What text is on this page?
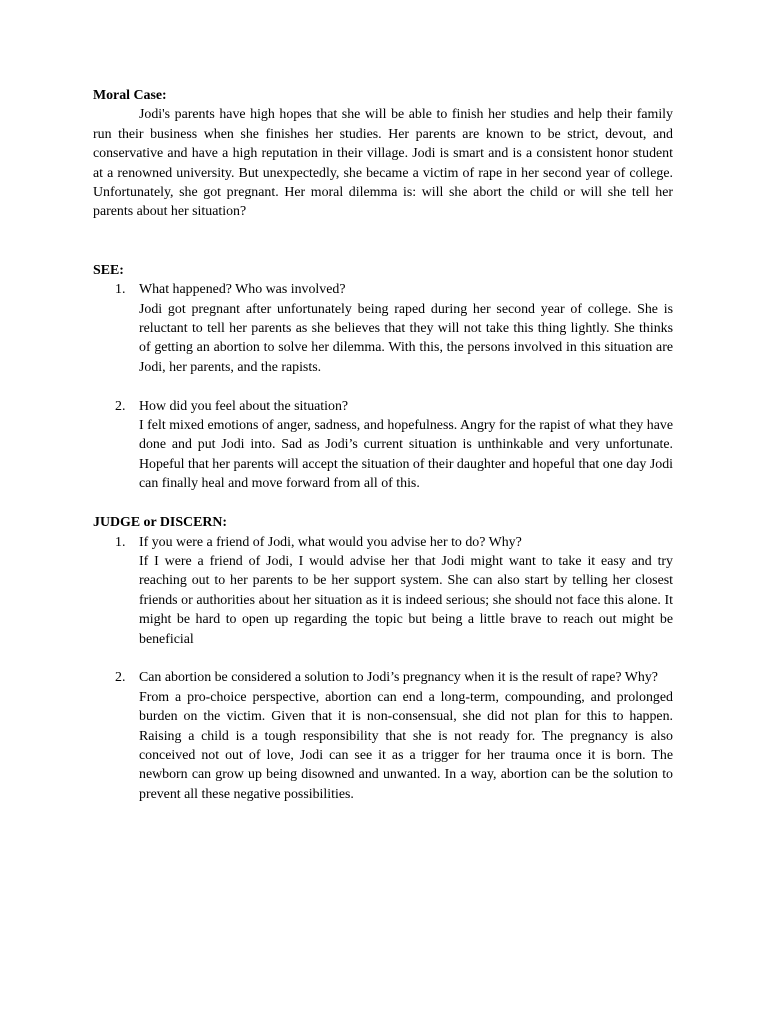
Moral Case:

Jodi's parents have high hopes that she will be able to finish her studies and help their family run their business when she finishes her studies. Her parents are known to be strict, devout, and conservative and have a high reputation in their village. Jodi is smart and is a consistent honor student at a renowned university. But unexpectedly, she became a victim of rape in her second year of college. Unfortunately, she got pregnant. Her moral dilemma is: will she abort the child or will she tell her parents about her situation?

SEE:

1. What happened? Who was involved?

Jodi got pregnant after unfortunately being raped during her second year of college. She is reluctant to tell her parents as she believes that they will not take this thing lightly. She thinks of getting an abortion to solve her dilemma. With this, the persons involved in this situation are Jodi, her parents, and the rapists.

2. How did you feel about the situation?

I felt mixed emotions of anger, sadness, and hopefulness. Angry for the rapist of what they have done and put Jodi into. Sad as Jodi’s current situation is unthinkable and very unfortunate. Hopeful that her parents will accept the situation of their daughter and hopeful that one day Jodi can finally heal and move forward from all of this.

JUDGE or DISCERN:

1. If you were a friend of Jodi, what would you advise her to do? Why?

If I were a friend of Jodi, I would advise her that Jodi might want to take it easy and try reaching out to her parents to be her support system. She can also start by telling her closest friends or authorities about her situation as it is indeed serious; she should not face this alone. It might be hard to open up regarding the topic but being a little brave to reach out might be beneficial

2. Can abortion be considered a solution to Jodi’s pregnancy when it is the result of rape? Why?

From a pro-choice perspective, abortion can end a long-term, compounding, and prolonged burden on the victim. Given that it is non-consensual, she did not plan for this to happen. Raising a child is a tough responsibility that she is not ready for. The pregnancy is also conceived not out of love, Jodi can see it as a trigger for her trauma once it is born. The newborn can grow up being disowned and unwanted. In a way, abortion can be the solution to prevent all these negative possibilities.
